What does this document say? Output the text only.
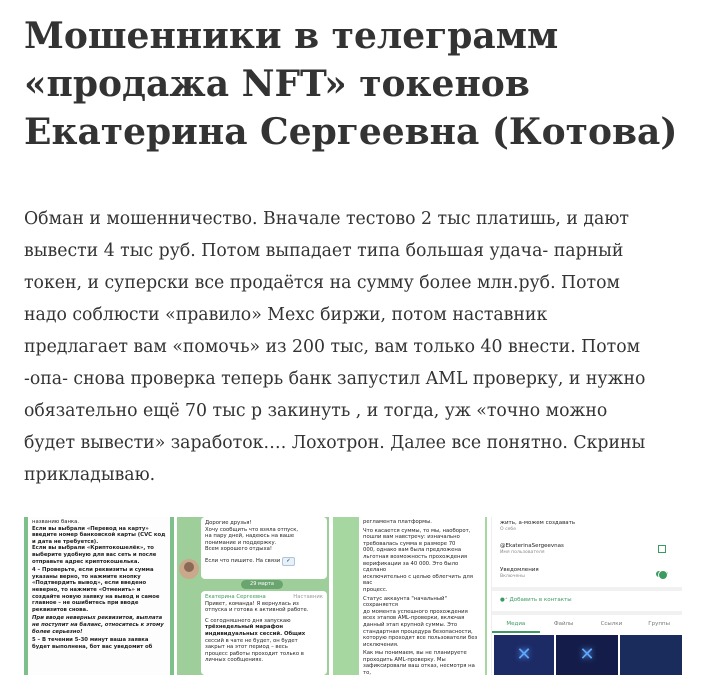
Мошенники в телеграмм
«продажа NFT» токенов
Екатерина Сергеевна (Котова)
Обман и мошенничество. Вначале тестово 2 тыс платишь, и дают
вывести 4 тыс руб. Потом выпадает типа большая удача- парный
токен, и суперски все продаётся на сумму более млн.руб. Потом
надо соблюсти «правило» Мехс биржи, потом наставник
предлагает вам «помочь» из 200 тыс, вам только 40 внести. Потом
-опа- снова проверка теперь банк запустил AML проверку, и нужно
обязательно ещё 70 тыс р закинуть , и тогда, уж «точно можно
будет вывести» заработок…. Лохотрон. Далее все понятно. Скрины
прикладываю.

названию банка.
Если вы выбрали «Перевод на карту»
введите номер банковской карты (CVC код
и дата не требуется).
Если вы выбрали «Криптокошелёк», то
выберите удобную для вас сеть и после
отправьте адрес криптокошелька.

4 – Проверьте, если реквизиты и сумма
указаны верно, то нажмите кнопку
«Подтвердить вывод», если введено
неверно, то нажмите «Отменить» и
создайте новую заявку на вывод и самое
главное – не ошибитесь при вводе
реквизитов снова.

При вводе неверных реквизитов, выплата
не поступит на баланс, относитесь к этому
более серьезно!

5 – В течении 5-30 минут ваша заявка
будет выполнена, бот вас уведомит об

Дорогие друзья!
Хочу сообщить что взяла отпуск,
на пару дней, надеюсь на ваше
понимание и поддержку.
Всем хорошего отдыха!

Если что пишите. На связи ✓
29 марта
Екатерина Сергеевна	Наставник

Привет, команда! Я вернулась из
отпуска и готова к активной работе.

С сегодняшнего дня запускаю
трёхнедельный марафон
индивидуальных сессий. Общих
сессий в чате не будет, он будет
закрыт на этот период – весь
процесс работы проходит только в
личных сообщениях.

регламента платформы.

Что касается суммы, то мы, наоборот,
пошли вам навстречу: изначально
требовалась сумма в размере 70
000, однако вам была предложена
льготная возможность прохождения
верификации за 40 000. Это было сделано
исключительно с целью облегчить для вас
процесс.

Статус аккаунта "начальный" сохраняется
до момента успешного прохождения
всех этапов AML-проверки, включая
данный этап крупной суммы. Это
стандартная процедура безопасности,
которую проходят все пользователи без
исключения.

Как мы понимаем, вы не планируете
проходить AML-проверку. Мы
зафиксировали ваш отказ, несмотря на то,

жить, а-можем создавать
О себе
@EkaterinaSergeevnas
Имя пользователя
Уведомления
Включены
●⁺ Добавить в контакты
Медиа	Файлы	Ссылки	Группы
✕	✕
